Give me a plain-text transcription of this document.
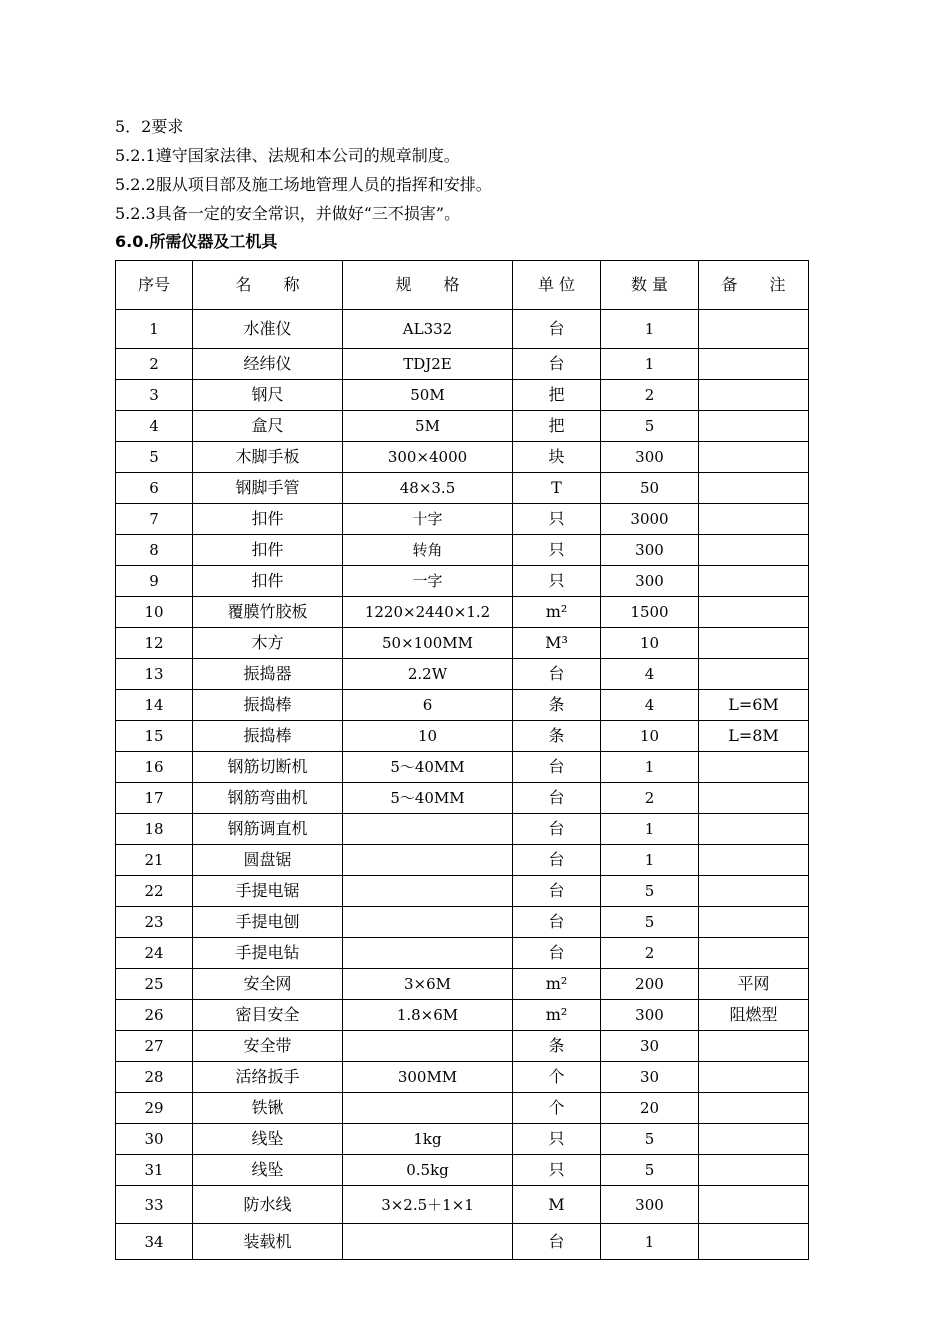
5．2要求
5.2.1遵守国家法律、法规和本公司的规章制度。
5.2.2服从项目部及施工场地管理人员的指挥和安排。
5.2.3具备一定的安全常识，并做好“三不损害”。
6.0.所需仪器及工机具
序号	名　　称	规　　格	单 位	数 量	备　　注
1	水准仪	AL332	台	1	
2	经纬仪	TDJ2E	台	1	
3	钢尺	50M	把	2	
4	盒尺	5M	把	5	
5	木脚手板	300×4000	块	300	
6	钢脚手管	48×3.5	T	50	
7	扣件	十字	只	3000	
8	扣件	转角	只	300	
9	扣件	一字	只	300	
10	覆膜竹胶板	1220×2440×1.2	m²	1500	
12	木方	50×100MM	M³	10	
13	振捣器	2.2W	台	4	
14	振捣棒	6	条	4	L=6M
15	振捣棒	10	条	10	L=8M
16	钢筋切断机	5～40MM	台	1	
17	钢筋弯曲机	5～40MM	台	2	
18	钢筋调直机		台	1	
21	圆盘锯		台	1	
22	手提电锯		台	5	
23	手提电刨		台	5	
24	手提电钻		台	2	
25	安全网	3×6M	m²	200	平网
26	密目安全	1.8×6M	m²	300	阻燃型
27	安全带		条	30	
28	活络扳手	300MM	个	30	
29	铁锹		个	20	
30	线坠	1kg	只	5	
31	线坠	0.5kg	只	5	
33	防水线	3×2.5＋1×1	M	300	
34	装载机		台	1	
